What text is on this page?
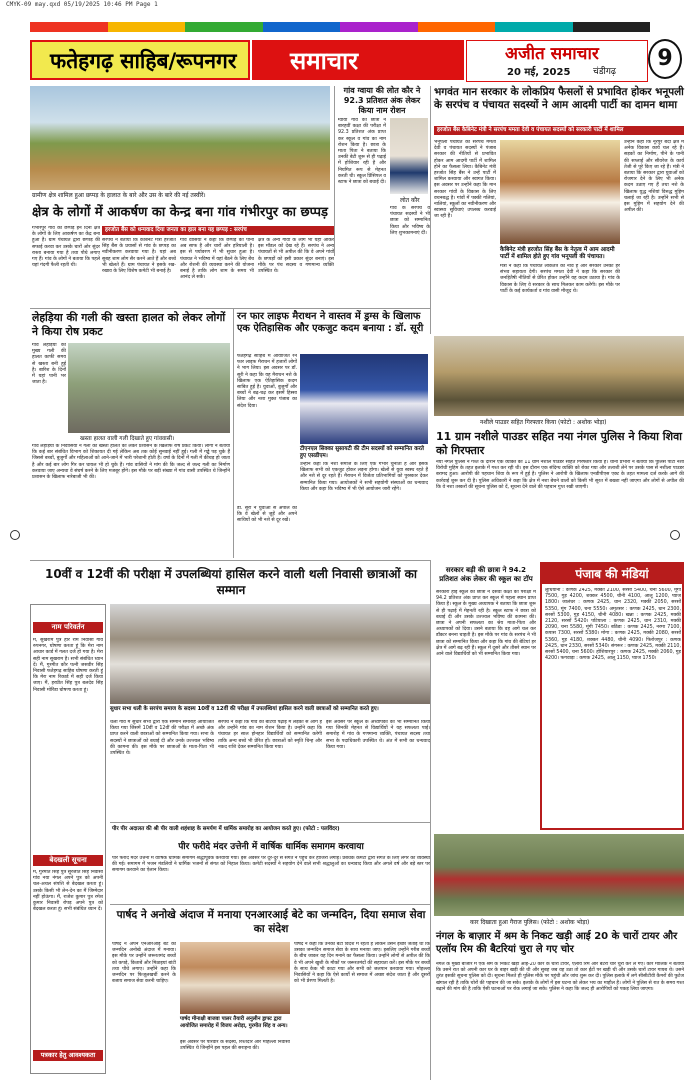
CMYK-09 may.qxd 05/19/2025 10:46 PM Page 1
फतेहगढ़ साहिब/रूपनगर समाचार	अजीत समाचार
20 मई, 2025	चंडीगढ़
9
ग्रामीण क्षेत्र शामिल हुआ छप्पड़ के हालात के बारे और उस के बारे की नई तस्वीरें।
गांव ग्वाया की लोत कौर ने 92.3 प्रतिशत अंक लेकर किया नाम रोशन
ग्वाया गांव की छात्रा ने बारहवीं कक्षा की परीक्षा में 92.3 प्रतिशत अंक प्राप्त कर स्कूल व गांव का नाम रोशन किया है। छात्रा के माता पिता ने बताया कि उनकी बेटी शुरू से ही पढ़ाई में होशियार रही है और नियमित रूप से मेहनत करती थी। स्कूल प्रिंसिपल व स्टाफ ने छात्रा को बधाई दी।
लोत कौर
गांव के सरपंच व पंचायत सदस्यों ने भी छात्रा को सम्मानित किया और भविष्य के लिए शुभकामनाएं दीं।
क्षेत्र के लोगों में आकर्षण का केन्द्र बना गांव गंभीरपुर का छप्पड़
गंभीरपुर गांव का छप्पड़ इन दिनों क्षेत्र के लोगों के लिए आकर्षण का केंद्र बना हुआ है। ग्राम पंचायत द्वारा छप्पड़ की सफाई करवा कर उसके चारों ओर सुंदर रास्ता बनाया गया है तथा पौधे लगाए गए हैं। गांव के लोगों ने बताया कि पहले यहां गंदगी फैली रहती थी।
हरजोत बैंस को धन्यवाद दिया जनता का हाल बना यह छप्पड़ : सरपंच
सरपंच ने बताया कि कैबिनेट मंत्री हरजोत सिंह बैंस के प्रयासों से गांव के छप्पड़ का नवीनीकरण करवाया गया है। यहां अब सुबह शाम लोग सैर करने आते हैं और बच्चे भी खेलते हैं। ग्राम पंचायत ने इसके रख-रखाव के लिए विशेष कमेटी भी बनाई है।
गांव वासियों ने कहा कि छप्पड़ का पानी अब साफ है और चारों ओर हरियाली है। इस से पर्यावरण में भी सुधार हुआ है। पंचायत ने भविष्य में यहां बैठने के लिए बेंच और रोशनी की व्यवस्था करने की योजना बनाई है ताकि लोग शाम के समय भी आनंद ले सकें।
क्षेत्र के अन्य गांवों के लोग भी यहां आकर इस मॉडल को देख रहे हैं। सरपंच ने अन्य पंचायतों से भी अपील की कि वे अपने गांवों के छप्पड़ों को इसी प्रकार सुंदर बनाएं। इस मौके पर पंच सदस्य व गणमान्य व्यक्ति उपस्थित थे।
भगवंत मान सरकार के लोकप्रिय फैसलों से प्रभावित होकर भनूपली के सरपंच व पंचायत सदस्यों ने आम आदमी पार्टी का दामन थामा
हरजोत बैंस कैबिनेट मंत्री ने सरपंच ममता देवी व पंचायत सदस्यों को सरकारी पार्टी में शामिल
भनूपली पंचायत की सरपंच ममता देवी व पंचायत सदस्यों ने पंजाब सरकार की नीतियों से प्रभावित होकर आम आदमी पार्टी में शामिल होने का फैसला लिया। कैबिनेट मंत्री हरजोत सिंह बैंस ने उन्हें पार्टी में शामिल करवाया और स्वागत किया। इस अवसर पर उन्होंने कहा कि मान सरकार गांवों के विकास के लिए वचनबद्ध है। गांवों में पक्की गलियां, नालियां, स्कूलों का नवीनीकरण और स्वास्थ्य सुविधाएं उपलब्ध करवाई जा रही हैं।
कैबिनेट मंत्री हरजोत सिंह बैंस के नेतृत्व में आम आदमी पार्टी में शामिल होते हुए गांव भनूपली की पंचायत।
मंत्री ने कहा कि पंचायतें लोकतंत्र की नींव हैं और सरकार उनको हर संभव सहायता देगी। सरपंच ममता देवी ने कहा कि सरकार की जनहितैषी नीतियों से प्रेरित होकर उन्होंने यह कदम उठाया है। गांव के विकास के लिए वे सरकार के साथ मिलकर काम करेंगी। इस मौके पर पार्टी के कई कार्यकर्ता व गांव वासी मौजूद थे।
उन्होंने कहा कि नूरपुर बेदी क्षेत्र में अनेक विकास कार्य चल रहे हैं। सड़कों का निर्माण, पीने के पानी की सप्लाई और सीवरेज के कार्य तेजी से पूरे किए जा रहे हैं। मंत्री ने बताया कि सरकार द्वारा युवाओं को रोजगार देने के लिए भी अनेक कदम उठाए गए हैं तथा नशे के खिलाफ युद्ध नशियां विरुद्ध मुहिम चलाई जा रही है। उन्होंने सभी से इस मुहिम में सहयोग देने की अपील की।
लेहड़िया की गली की खस्ता हालत को लेकर लोगों ने किया रोष प्रकट
गांव लेहड़िया की मुख्य गली की हालत काफी समय से खस्ता बनी हुई है। बारिश के दिनों में यहां पानी भर जाता है।
खस्ता हालत वाली गली दिखाते हुए गांववासी।
गांव लेहड़िया के निवासियों ने गली की खस्ता हालत को लेकर प्रशासन के खिलाफ रोष प्रकट किया। लोगों ने बताया कि कई बार संबंधित विभाग को शिकायत दी गई लेकिन अब तक कोई सुनवाई नहीं हुई। गली में गड्ढे पड़ चुके हैं जिससे बच्चों, बुजुर्गों और महिलाओं को आने-जाने में भारी परेशानी होती है। वर्षा के दिनों में गली में कीचड़ हो जाता है और कई बार लोग गिर कर घायल भी हो चुके हैं। गांव वासियों ने मांग की कि जल्द से जल्द गली का निर्माण करवाया जाए अन्यथा वे संघर्ष करने के लिए मजबूर होंगे। इस मौके पर बड़ी संख्या में गांव वासी उपस्थित थे जिन्होंने प्रशासन के खिलाफ नारेबाजी भी की।
रन फार लाइफ मैराथन ने वास्तव में ड्रग्स के खिलाफ एक ऐतिहासिक और एकजुट कदम बनाया : डॉ. सूरी
फतेहगढ़ साहिब में आयोजित रन फार लाइफ मैराथन में हजारों लोगों ने भाग लिया। इस अवसर पर डॉ. सूरी ने कहा कि यह मैराथन नशे के खिलाफ एक ऐतिहासिक कदम साबित हुई है। युवाओं, बुजुर्गों और बच्चों ने बढ़-चढ़ कर इसमें हिस्सा लिया और नशा मुक्त पंजाब का संदेश दिया।
टीएनएल सिक्का सुसायटी की टीम सदस्यों को सम्मानित करते हुए एसडीएम।
उन्होंने कहा कि नशा समाज के लिए एक गंभीर चुनौती है और इसके खिलाफ सभी को एकजुट होकर लड़ना होगा। खेलों से युवा स्वस्थ रहते हैं और नशे से दूर रहते हैं। मैराथन में विजेता प्रतिभागियों को पुरस्कार देकर सम्मानित किया गया। आयोजकों ने सभी सहयोगी संस्थाओं का धन्यवाद किया और कहा कि भविष्य में भी ऐसे आयोजन जारी रहेंगे।
डॉ. सूरी ने युवाओं से अपील की कि वे खेलों से जुड़ें और अपने साथियों को भी नशे से दूर रखें।
नशीले पाउडर सहित गिरफ्तार किया (फोटो : अशोक भोड़ा)
11 ग्राम नशीले पाउडर सहित नया नंगल पुलिस ने किया शिवा को गिरफ्तार
नया नंगल पुलिस ने गश्त के दौरान एक व्यक्ति को 11 ग्राम नशीले पाउडर सहित गिरफ्तार किया है। थाना प्रभारी ने बताया कि पुलिस पार्टी नशा विरोधी मुहिम के तहत इलाके में गश्त कर रही थी। इस दौरान एक संदिग्ध व्यक्ति को रोका गया और तलाशी लेने पर उसके पास से नशीला पाउडर बरामद हुआ। आरोपी की पहचान शिवा के रूप में हुई है। पुलिस ने आरोपी के खिलाफ एनडीपीएस एक्ट के तहत मामला दर्ज करके आगे की कार्रवाई शुरू कर दी है। पुलिस अधिकारी ने कहा कि क्षेत्र में नशा बेचने वालों को किसी भी सूरत में बख्शा नहीं जाएगा और लोगों से अपील की कि वे नशा तस्करों की सूचना पुलिस को दें, सूचना देने वाले की पहचान गुप्त रखी जाएगी।
10वीं व 12वीं की परीक्षा में उपलब्धियां हासिल करने वाली थली निवासी छात्राओं का सम्मान
नाम परिवर्तन
मैं, सुखराम पुत्र हरि राम निवासी गांव रुपनगर, घोषणा करता हूं कि मेरा नाम आधार कार्ड में गलत दर्ज हो गया है। मेरा सही नाम सुखराम है। सभी संबंधित ध्यान दें। मैं, गुरमीत कौर पत्नी जसवीर सिंह निवासी फतेहगढ़ साहिब घोषणा करती हूं कि मेरा नाम रिकार्ड में सही दर्ज किया जाए। मैं, हरप्रीत सिंह पुत्र बलदेव सिंह निवासी मोरिंडा घोषणा करता हूं।
बेदखली सूचना
मैं, गुरमीत सिंह पुत्र सुरजीत सिंह निवासी गांव नया नंगल अपने पुत्र को अपनी चल-अचल संपत्ति से बेदखल करता हूं। उसके किसी भी लेन-देन का मैं जिम्मेदार नहीं होऊंगा। मैं, राजेश कुमार पुत्र रमेश कुमार निवासी रोपड़ अपने पुत्र को बेदखल करता हूं। सभी संबंधित ध्यान दें।
पत्रकार हेतु आवश्यकता
सुधार सभा थली के सरपंच समाज के सदस्य 10वीं व 12वीं की परीक्षा में उपलब्धियां हासिल करने वाली छात्राओं को सम्मानित करते हुए।
थली गांव में सुधार सभा द्वारा एक सम्मान समारोह आयोजित किया गया जिसमें 10वीं व 12वीं की परीक्षा में अच्छे अंक प्राप्त करने वाली छात्राओं को सम्मानित किया गया। सभा के सदस्यों ने छात्राओं को बधाई दी और उनके उज्ज्वल भविष्य की कामना की। इस मौके पर छात्राओं के माता-पिता भी उपस्थित थे।
सरपंच ने कहा कि गांव की बेटियां पढ़ाई में लड़कों से आगे हैं और उन्होंने गांव का नाम रोशन किया है। उन्होंने कहा कि पंचायत हर साल होनहार विद्यार्थियों को सम्मानित करेगी ताकि अन्य बच्चे भी प्रेरित हों। छात्राओं को स्मृति चिन्ह और नकद राशि देकर सम्मानित किया गया।
इस अवसर पर स्कूल के अध्यापकों को भी सम्मानित किया गया जिनकी मेहनत से विद्यार्थियों ने यह सफलता पाई। समारोह में गांव के गणमान्य व्यक्ति, पंचायत सदस्य तथा सभा के पदाधिकारी उपस्थित थे। अंत में सभी का धन्यवाद किया गया।
सरकार बड़ी की छात्रा ने 94.2 प्रतिशत अंक लेकर की स्कूल का टॉप
सरकारी हाई स्कूल की छात्रा ने दसवीं कक्षा की परीक्षा में 94.2 प्रतिशत अंक प्राप्त कर स्कूल में पहला स्थान प्राप्त किया है। स्कूल के मुख्य अध्यापक ने बताया कि छात्रा शुरू से ही पढ़ाई में मेहनती रही है। स्कूल स्टाफ ने छात्रा को बधाई दी और उसके उज्ज्वल भविष्य की कामना की। छात्रा ने अपनी सफलता का श्रेय माता-पिता और अध्यापकों को दिया। उसने बताया कि वह आगे चल कर डॉक्टर बनना चाहती है। इस मौके पर गांव के सरपंच ने भी छात्रा को सम्मानित किया और कहा कि गांव की बेटियां हर क्षेत्र में आगे बढ़ रही हैं। स्कूल में दूसरे और तीसरे स्थान पर आने वाले विद्यार्थियों को भी सम्मानित किया गया।
पंजाब की मंडियां
लुधियाना : कणक 2425, मक्की 2100, सरसों 5400, चना 5600, मूंगी 7500, गुड़ 4200, शक्कर 4500, चीनी 4100, आलू 1200, प्याज 1800। जालंधर : कणक 2425, धान 2320, मक्की 2050, सरसों 5350, मूंग 7400, चना 5550। अमृतसर : कणक 2425, धान 2300, सरसों 5300, गुड़ 4150, चीनी 4080। खन्ना : कणक 2425, मक्की 2120, सरसों 5420। पटियाला : कणक 2425, धान 2310, मक्की 2090, चना 5580, मूंगी 7450। बठिंडा : कणक 2425, नरमा 7100, कपास 7300, सरसों 5380। मोगा : कणक 2425, मक्की 2080, सरसों 5360, गुड़ 4180, शक्कर 4480, चीनी 4090। फिरोजपुर : कणक 2425, धान 2330, सरसों 5340। संगरूर : कणक 2425, मक्की 2110, सरसों 5400, चना 5600। होशियारपुर : कणक 2425, मक्की 2060, गुड़ 4200। फगवाड़ा : कणक 2425, आलू 1150, प्याज 1750।
पीर पीर अदालत की श्री पीर वाली शहंशाह के समर्पण में धार्मिक समारोह का आयोजन करते हुए। (फोटो : पलविंदर)
पीर फरीदे मंदर उत्तेनी में वार्षिक धार्मिक समागम करवाया
पीर फरीदे मंदर उत्तेनी में वार्षिक धार्मिक समागम श्रद्धापूर्वक करवाया गया। इस अवसर पर दूर-दूर से संगत ने पहुंच कर हाजिरी लगाई। प्रबंधक कमेटी द्वारा संगत के लिए लंगर की व्यवस्था की गई। समागम में भजन मंडलियों ने धार्मिक भजनों से संगत को निहाल किया। कमेटी सदस्यों ने सहयोग देने वाले सभी श्रद्धालुओं का धन्यवाद किया और अगले वर्ष और बड़े स्तर पर समागम करवाने का ऐलान किया।
पार्षद ने अनोखे अंदाज में मनाया एनआरआई बेटे का जन्मदिन, दिया समाज सेवा का संदेश
पार्षद ने अपने एनआरआई बेटे का जन्मदिन अनोखे अंदाज में मनाया। इस मौके पर उन्होंने जरूरतमंद बच्चों को कपड़े, किताबें और मिठाइयां बांटी तथा पौधे लगाए। उन्होंने कहा कि जन्मदिन पर फिजूलखर्ची करने के बजाय समाज सेवा करनी चाहिए।
पार्षद मीनाक्षी बाजवा पालर तैयारी अनुलीन ड्राफ्ट द्वारा आयोजित समारोह में विजय अरोड़ा, गुरमीत सिंह व अन्य।
इस अवसर पर परिवार के सदस्य, रिश्तेदार और मोहल्ला निवासी उपस्थित थे जिन्होंने इस पहल की सराहना की।
पार्षद ने कहा कि उनका बेटा विदेश में रहता है लेकिन उसने इच्छा जताई थी कि उसका जन्मदिन समाज सेवा के साथ मनाया जाए। इसलिए उन्होंने गरीब बच्चों के बीच जाकर यह दिन मनाने का फैसला किया। उन्होंने लोगों से अपील की कि वे भी अपने खुशी के मौकों पर जरूरतमंदों की सहायता करें। इस मौके पर बच्चों के साथ केक भी काटा गया और सभी को जलपान करवाया गया। मोहल्ला निवासियों ने कहा कि ऐसे कार्यों से समाज में अच्छा संदेश जाता है और दूसरों को भी प्रेरणा मिलती है।
कार दिखाता हुआ गैराज पुलिस। (फोटो : अशोक भोड़ा)
नंगल के बाज़ार में श्रम के निकट खड़ी आई 20 के चारों टायर और एलॉय रिम की बैटरियां चुरा ले गए चोर
नंगल के मुख्य बाजार में एक श्रम के निकट खड़ी आई-20 कार के चारों टायर, एलॉय रिम और बैटरी चोर चुरा कर ले गए। कार मालिक ने बताया कि उसने रात को अपनी कार घर के बाहर खड़ी की थी और सुबह जब वह उठा तो कार ईंटों पर खड़ी थी और उसके चारों टायर गायब थे। उसने तुरंत इसकी सूचना पुलिस को दी। सूचना मिलते ही पुलिस मौके पर पहुंची और जांच शुरू कर दी। पुलिस इलाके में लगे सीसीटीवी कैमरों की फुटेज खंगाल रही है ताकि चोरों की पहचान की जा सके। इलाके के लोगों में इस घटना को लेकर भय का माहौल है। लोगों ने पुलिस से रात के समय गश्त बढ़ाने की मांग की है ताकि ऐसी घटनाओं पर रोक लगाई जा सके। पुलिस ने कहा कि जल्द ही आरोपियों को पकड़ लिया जाएगा।
